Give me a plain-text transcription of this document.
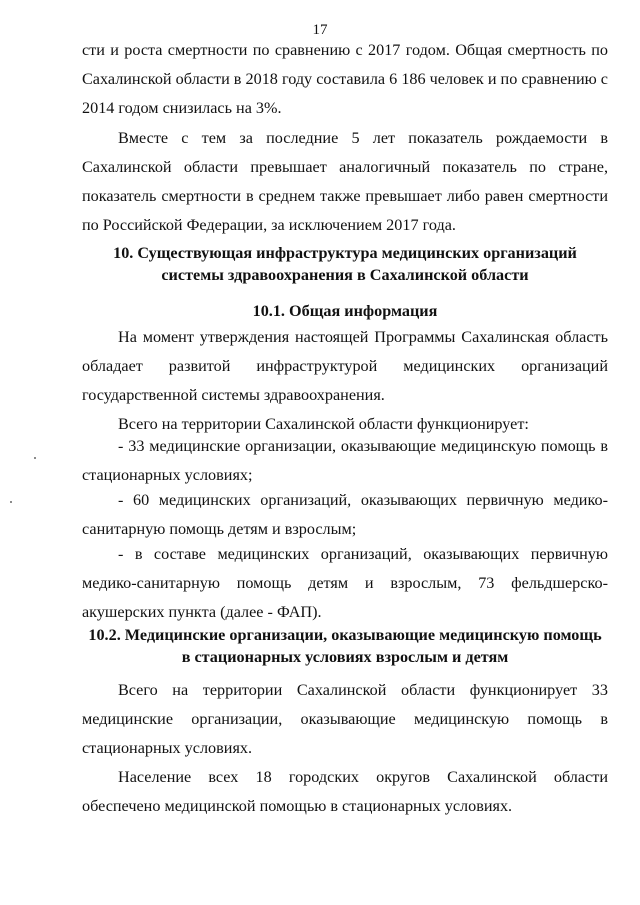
17
сти и роста смертности по сравнению с 2017 годом. Общая смертность по Сахалинской области в 2018 году составила 6 186 человек и по сравнению с 2014 годом снизилась на 3%.
Вместе с тем за последние 5 лет показатель рождаемости в Сахалинской области превышает аналогичный показатель по стране, показатель смертности в среднем также превышает либо равен смертности по Российской Федерации, за исключением 2017 года.
10. Существующая инфраструктура медицинских организаций системы здравоохранения в Сахалинской области
10.1. Общая информация
На момент утверждения настоящей Программы Сахалинская область обладает развитой инфраструктурой медицинских организаций государственной системы здравоохранения.
Всего на территории Сахалинской области функционирует:
- 33 медицинские организации, оказывающие медицинскую помощь в стационарных условиях;
- 60 медицинских организаций, оказывающих первичную медико-санитарную помощь детям и взрослым;
- в составе медицинских организаций, оказывающих первичную медико-санитарную помощь детям и взрослым, 73 фельдшерско-акушерских пункта (далее - ФАП).
10.2. Медицинские организации, оказывающие медицинскую помощь в стационарных условиях взрослым и детям
Всего на территории Сахалинской области функционирует 33 медицинские организации, оказывающие медицинскую помощь в стационарных условиях.
Население всех 18 городских округов Сахалинской области обеспечено медицинской помощью в стационарных условиях.
